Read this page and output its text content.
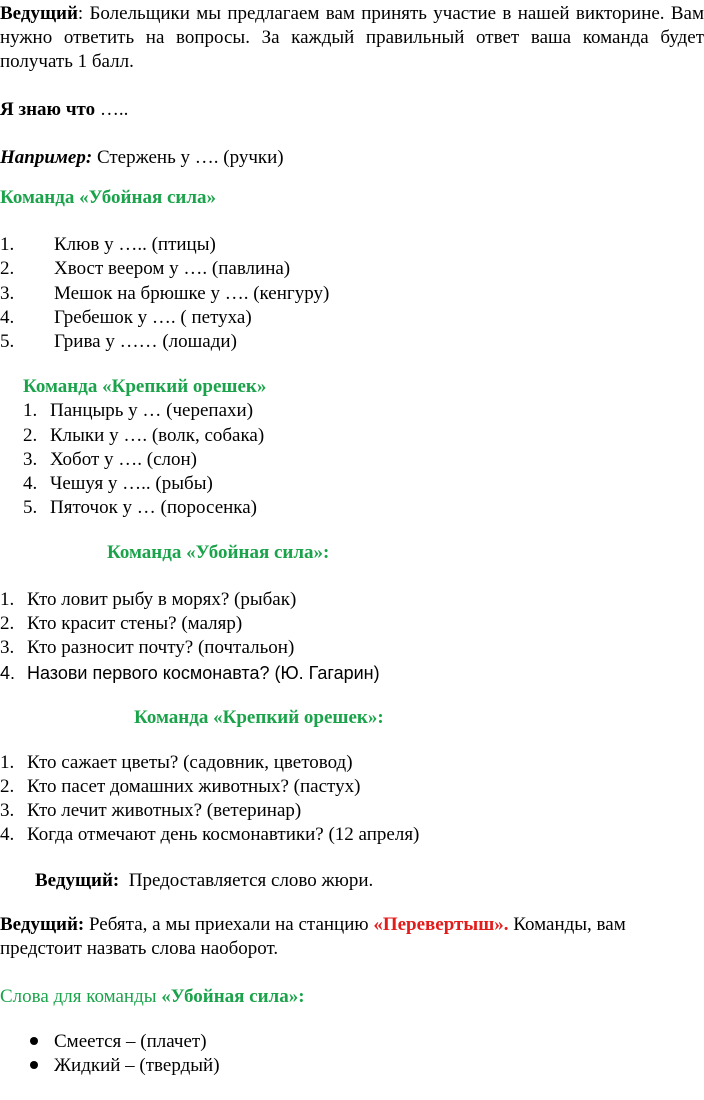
Ведущий: Болельщики мы предлагаем вам принять участие в нашей викторине. Вам нужно ответить на вопросы. За каждый правильный ответ ваша команда будет получать 1 балл.

Я знаю что …..

Например: Стержень у …. (ручки)

Команда «Убойная сила»

1. Клюв у ….. (птицы)
2. Хвост веером у …. (павлина)
3. Мешок на брюшке у …. (кенгуру)
4. Гребешок у …. ( петуха)
5. Грива у …… (лошади)

Команда «Крепкий орешек»

1. Панцырь у … (черепахи)
2. Клыки у …. (волк, собака)
3. Хобот у …. (слон)
4. Чешуя у ….. (рыбы)
5. Пяточок у … (поросенка)

Команда «Убойная сила»:

1. Кто ловит рыбу в морях? (рыбак)
2. Кто красит стены? (маляр)
3. Кто разносит почту? (почтальон)
4. Назови первого космонавта? (Ю. Гагарин)

Команда «Крепкий орешек»:

1. Кто сажает цветы? (садовник, цветовод)
2. Кто пасет домашних животных? (пастух)
3. Кто лечит животных? (ветеринар)
4. Когда отмечают день космонавтики? (12 апреля)

Ведущий:  Предоставляется слово жюри.

Ведущий: Ребята, а мы приехали на станцию «Перевертыш». Команды, вам предстоит назвать слова наоборот.

Слова для команды «Убойная сила»:

Смеется – (плачет)
Жидкий – (твердый)
